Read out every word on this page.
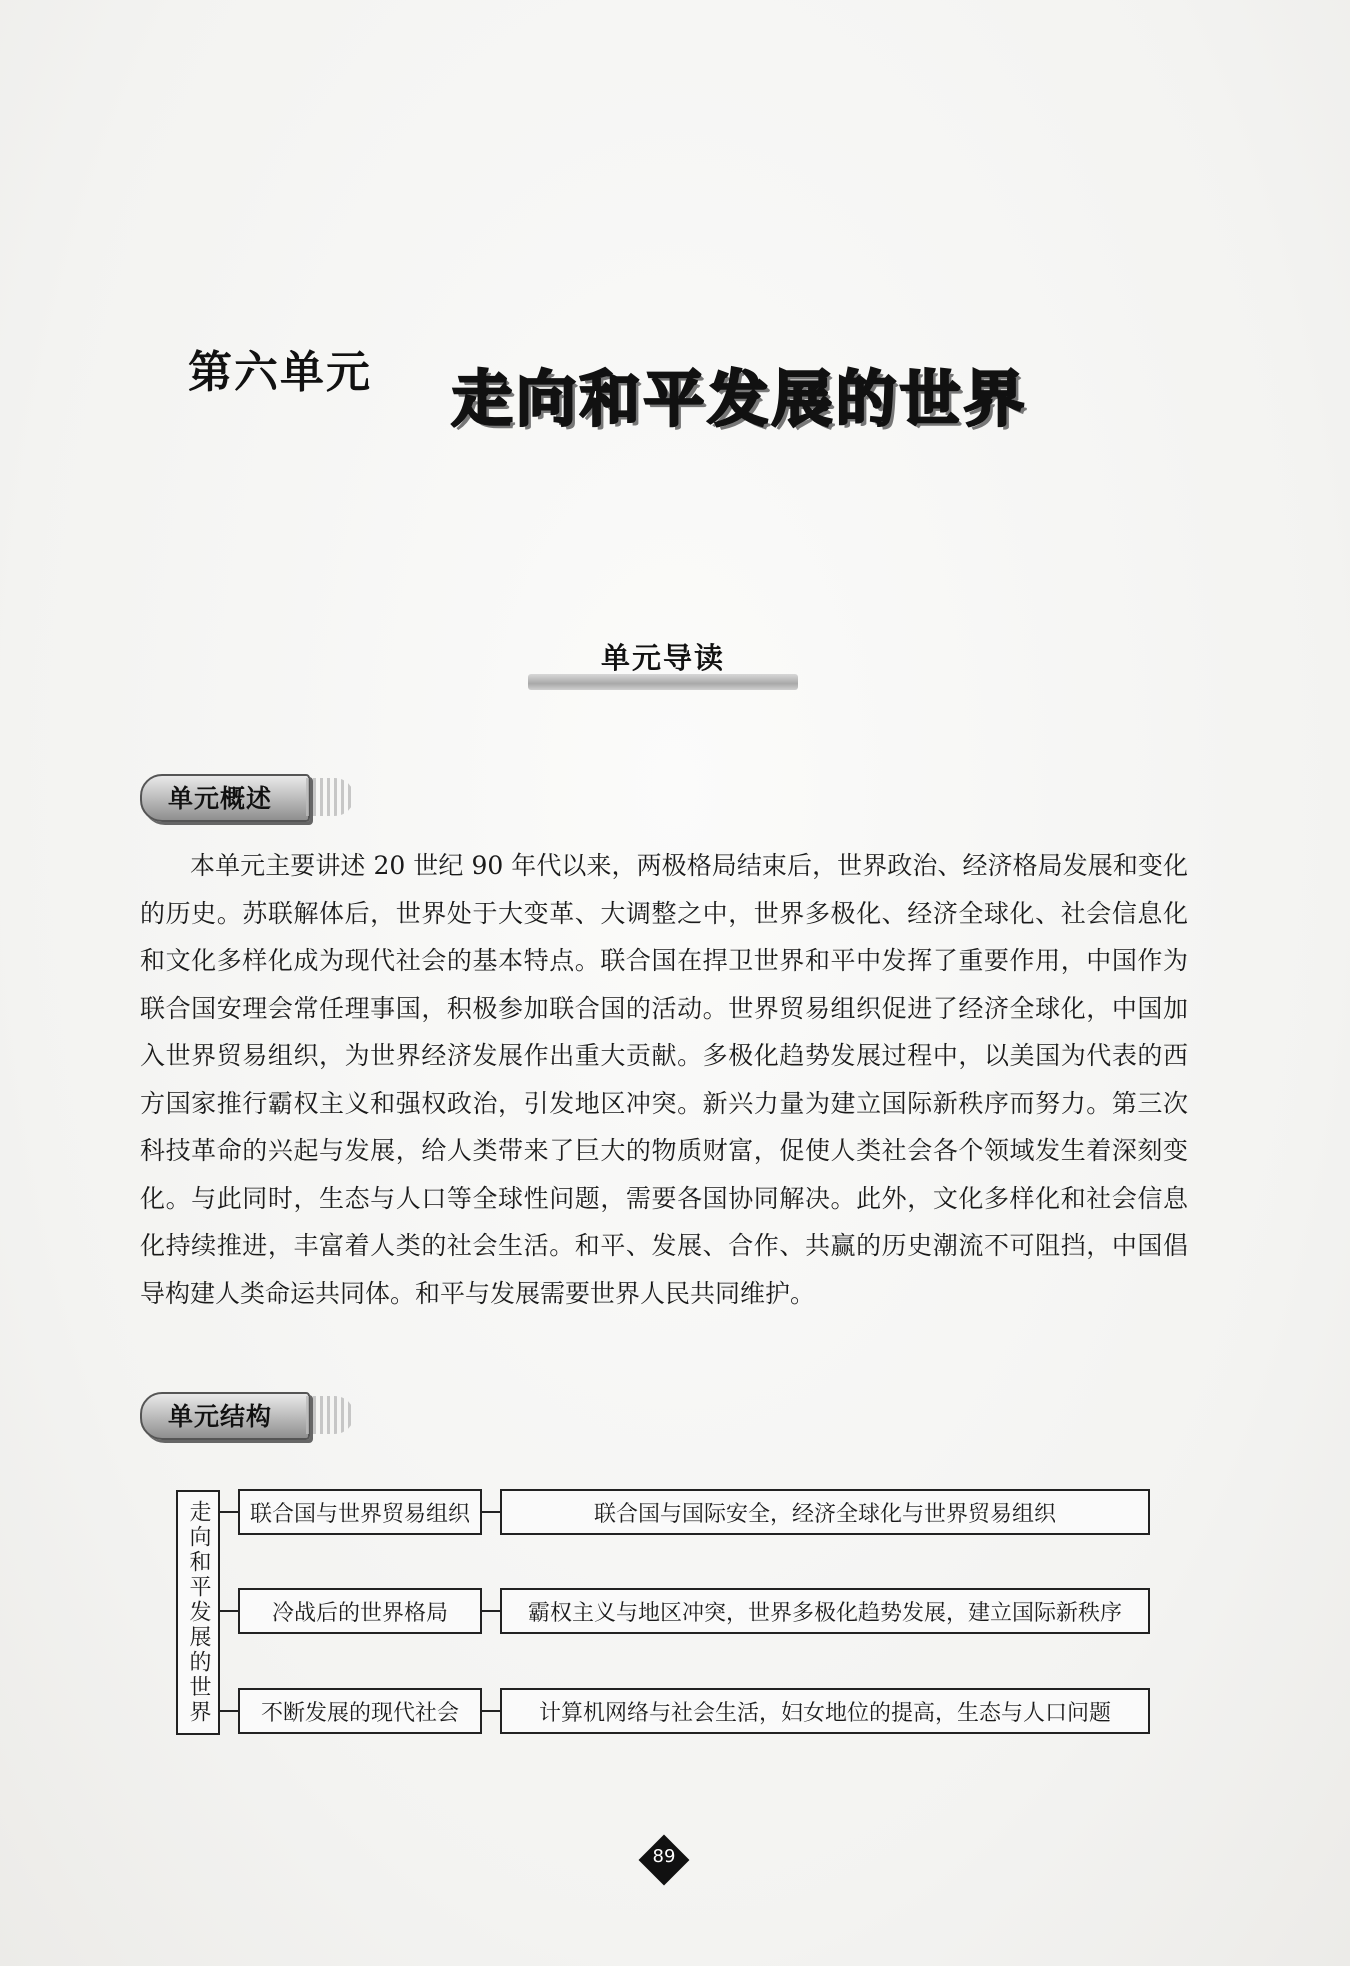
第六单元 走向和平发展的世界
单元导读
单元概述

本单元主要讲述 20 世纪 90 年代以来，两极格局结束后，世界政治、经济格局发展和变化的历史。苏联解体后，世界处于大变革、大调整之中，世界多极化、经济全球化、社会信息化和文化多样化成为现代社会的基本特点。联合国在捍卫世界和平中发挥了重要作用，中国作为联合国安理会常任理事国，积极参加联合国的活动。世界贸易组织促进了经济全球化，中国加入世界贸易组织，为世界经济发展作出重大贡献。多极化趋势发展过程中，以美国为代表的西方国家推行霸权主义和强权政治，引发地区冲突。新兴力量为建立国际新秩序而努力。第三次科技革命的兴起与发展，给人类带来了巨大的物质财富，促使人类社会各个领域发生着深刻变化。与此同时，生态与人口等全球性问题，需要各国协同解决。此外，文化多样化和社会信息化持续推进，丰富着人类的社会生活。和平、发展、合作、共赢的历史潮流不可阻挡，中国倡导构建人类命运共同体。和平与发展需要世界人民共同维护。

单元结构
走向和平发展的世界 联合国与世界贸易组织	联合国与国际安全，经济全球化与世界贸易组织
冷战后的世界格局	霸权主义与地区冲突，世界多极化趋势发展，建立国际新秩序
不断发展的现代社会	计算机网络与社会生活，妇女地位的提高，生态与人口问题
89
